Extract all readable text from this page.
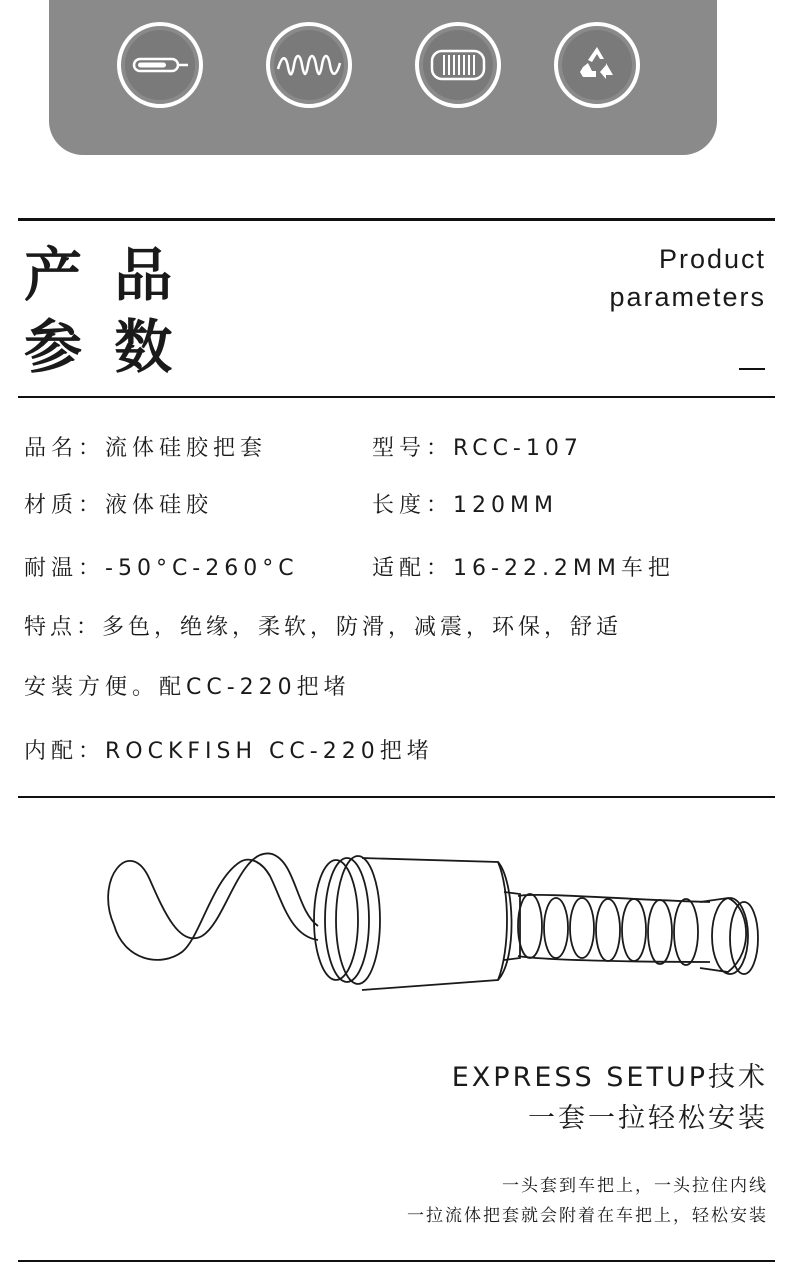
产 品
参 数
Product
parameters
品名：流体硅胶把套	型号：RCC-107
材质：液体硅胶	长度：120MM
耐温：-50°C-260°C	适配：16-22.2MM车把
特点：多色，绝缘，柔软，防滑，减震，环保，舒适
安装方便。配CC-220把堵
内配：ROCKFISH CC-220把堵
EXPRESS SETUP技术
一套一拉轻松安装
一头套到车把上，一头拉住内线
一拉流体把套就会附着在车把上，轻松安装
